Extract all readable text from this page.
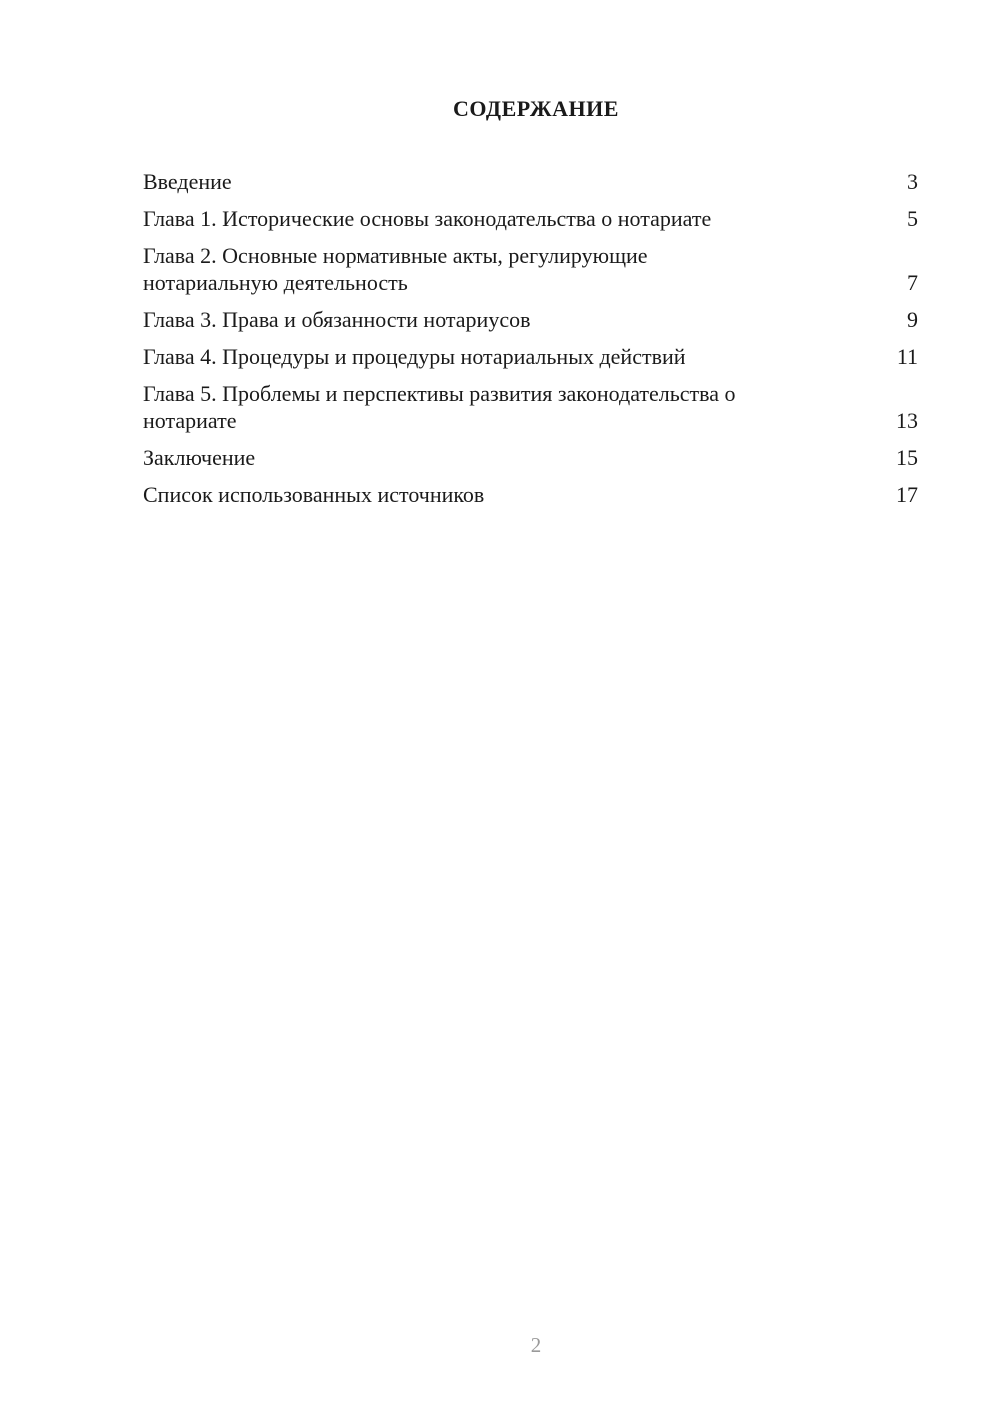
СОДЕРЖАНИЕ
Введение	3
Глава 1. Исторические основы законодательства о нотариате	5
Глава 2. Основные нормативные акты, регулирующие нотариальную деятельность	7
Глава 3. Права и обязанности нотариусов	9
Глава 4. Процедуры и процедуры нотариальных действий	11
Глава 5. Проблемы и перспективы развития законодательства о нотариате	13
Заключение	15
Список использованных источников	17
2
